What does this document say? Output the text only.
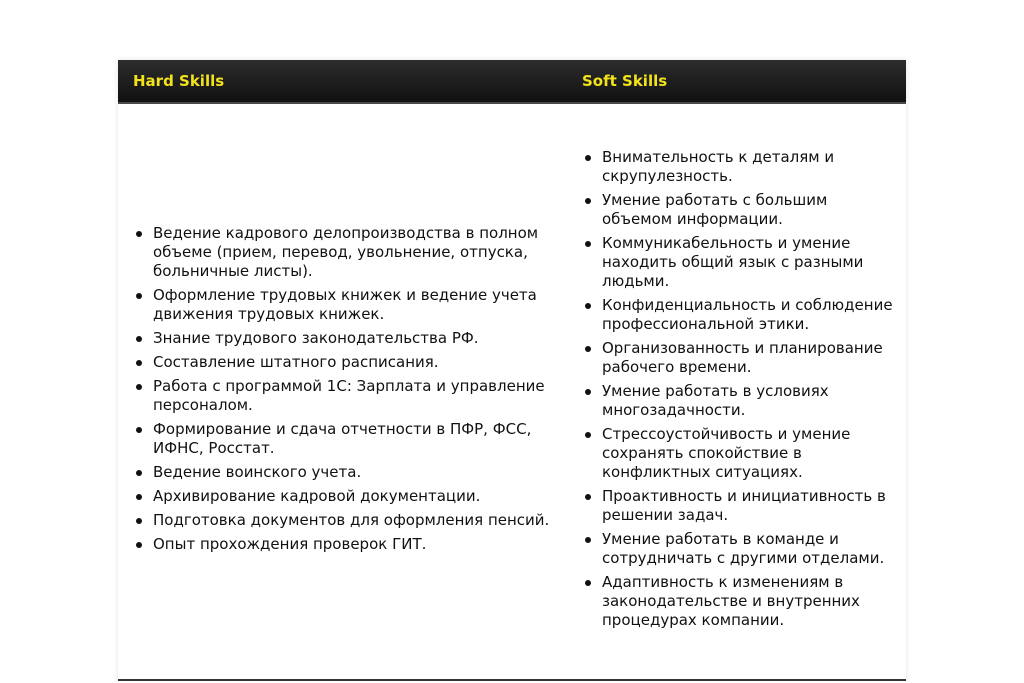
Hard Skills	Soft Skills
Ведение кадрового делопроизводства в полном объеме (прием, перевод, увольнение, отпуска, больничные листы).
Оформление трудовых книжек и ведение учета движения трудовых книжек.
Знание трудового законодательства РФ.
Составление штатного расписания.
Работа с программой 1С: Зарплата и управление персоналом.
Формирование и сдача отчетности в ПФР, ФСС, ИФНС, Росстат.
Ведение воинского учета.
Архивирование кадровой документации.
Подготовка документов для оформления пенсий.
Опыт прохождения проверок ГИТ.
Внимательность к деталям и скрупулезность.
Умение работать с большим объемом информации.
Коммуникабельность и умение находить общий язык с разными людьми.
Конфиденциальность и соблюдение профессиональной этики.
Организованность и планирование рабочего времени.
Умение работать в условиях многозадачности.
Стрессоустойчивость и умение сохранять спокойствие в конфликтных ситуациях.
Проактивность и инициативность в решении задач.
Умение работать в команде и сотрудничать с другими отделами.
Адаптивность к изменениям в законодательстве и внутренних процедурах компании.
